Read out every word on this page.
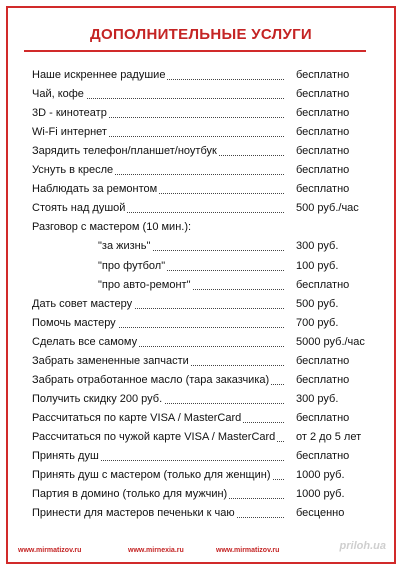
ДОПОЛНИТЕЛЬНЫЕ УСЛУГИ
Наше искреннее радушие	бесплатно
Чай, кофе	бесплатно
3D - кинотеатр	бесплатно
Wi-Fi интернет	бесплатно
Зарядить телефон/планшет/ноутбук	бесплатно
Уснуть в кресле	бесплатно
Наблюдать за ремонтом	бесплатно
Стоять над душой	500 руб./час
Разговор с мастером (10 мин.):
"за жизнь"	300 руб.
"про футбол"	100 руб.
"про авто-ремонт"	бесплатно
Дать совет мастеру	500 руб.
Помочь мастеру	700 руб.
Сделать все самому	5000 руб./час
Забрать замененные запчасти	бесплатно
Забрать отработанное масло (тара заказчика) бесплатно
Получить скидку 200 руб.	300 руб.
Рассчитаться по карте VISA / MasterCard	бесплатно
Рассчитаться по чужой карте VISA / MasterCard от 2 до 5 лет
Принять душ	бесплатно
Принять душ с мастером (только для женщин) 1000 руб.
Партия в домино (только для мужчин)	1000 руб.
Принести для мастеров печеньки к чаю	бесценно
www.mirmatizov.ru	www.mirnexia.ru	www.mirmatizov.ru	priloh.ua
